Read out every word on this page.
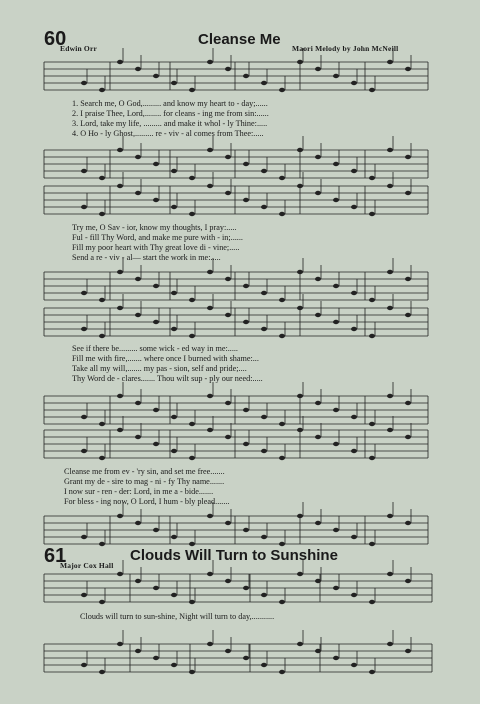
60	Cleanse Me
Edwin Orr	Maori Melody by John McNeill
1. Search me, O God,......... and know my heart to - day;......
2. I praise Thee, Lord,........ for cleans - ing me from sin:......
3. Lord, take my life, ......... and make it whol - ly Thine:.....
4. O Ho - ly Ghost,......... re - viv - al comes from Thee:.....
Try me, O Sav - ior, know my thoughts, I pray:.....
Ful - fill Thy Word, and make me pure with - in;......
Fill my poor heart with Thy great love di - vine;.....
Send a re - viv - al— start the work in me:.....
See if there be......... some wick - ed way in me:.....
Fill me with fire,....... where once I burned with shame:...
Take all my will,....... my pas - sion, self and pride;....
Thy Word de - clares....... Thou wilt sup - ply our need:.....
Cleanse me from ev - 'ry sin, and set me free.......
Grant my de - sire to mag - ni - fy Thy name.......
I now sur - ren - der: Lord, in me a - bide.......
For bless - ing now, O Lord, I hum - bly plead.......
61	Clouds Will Turn to Sunshine
Major Cox Hall
Clouds will turn to sun-shine, Night will turn to day,...........
